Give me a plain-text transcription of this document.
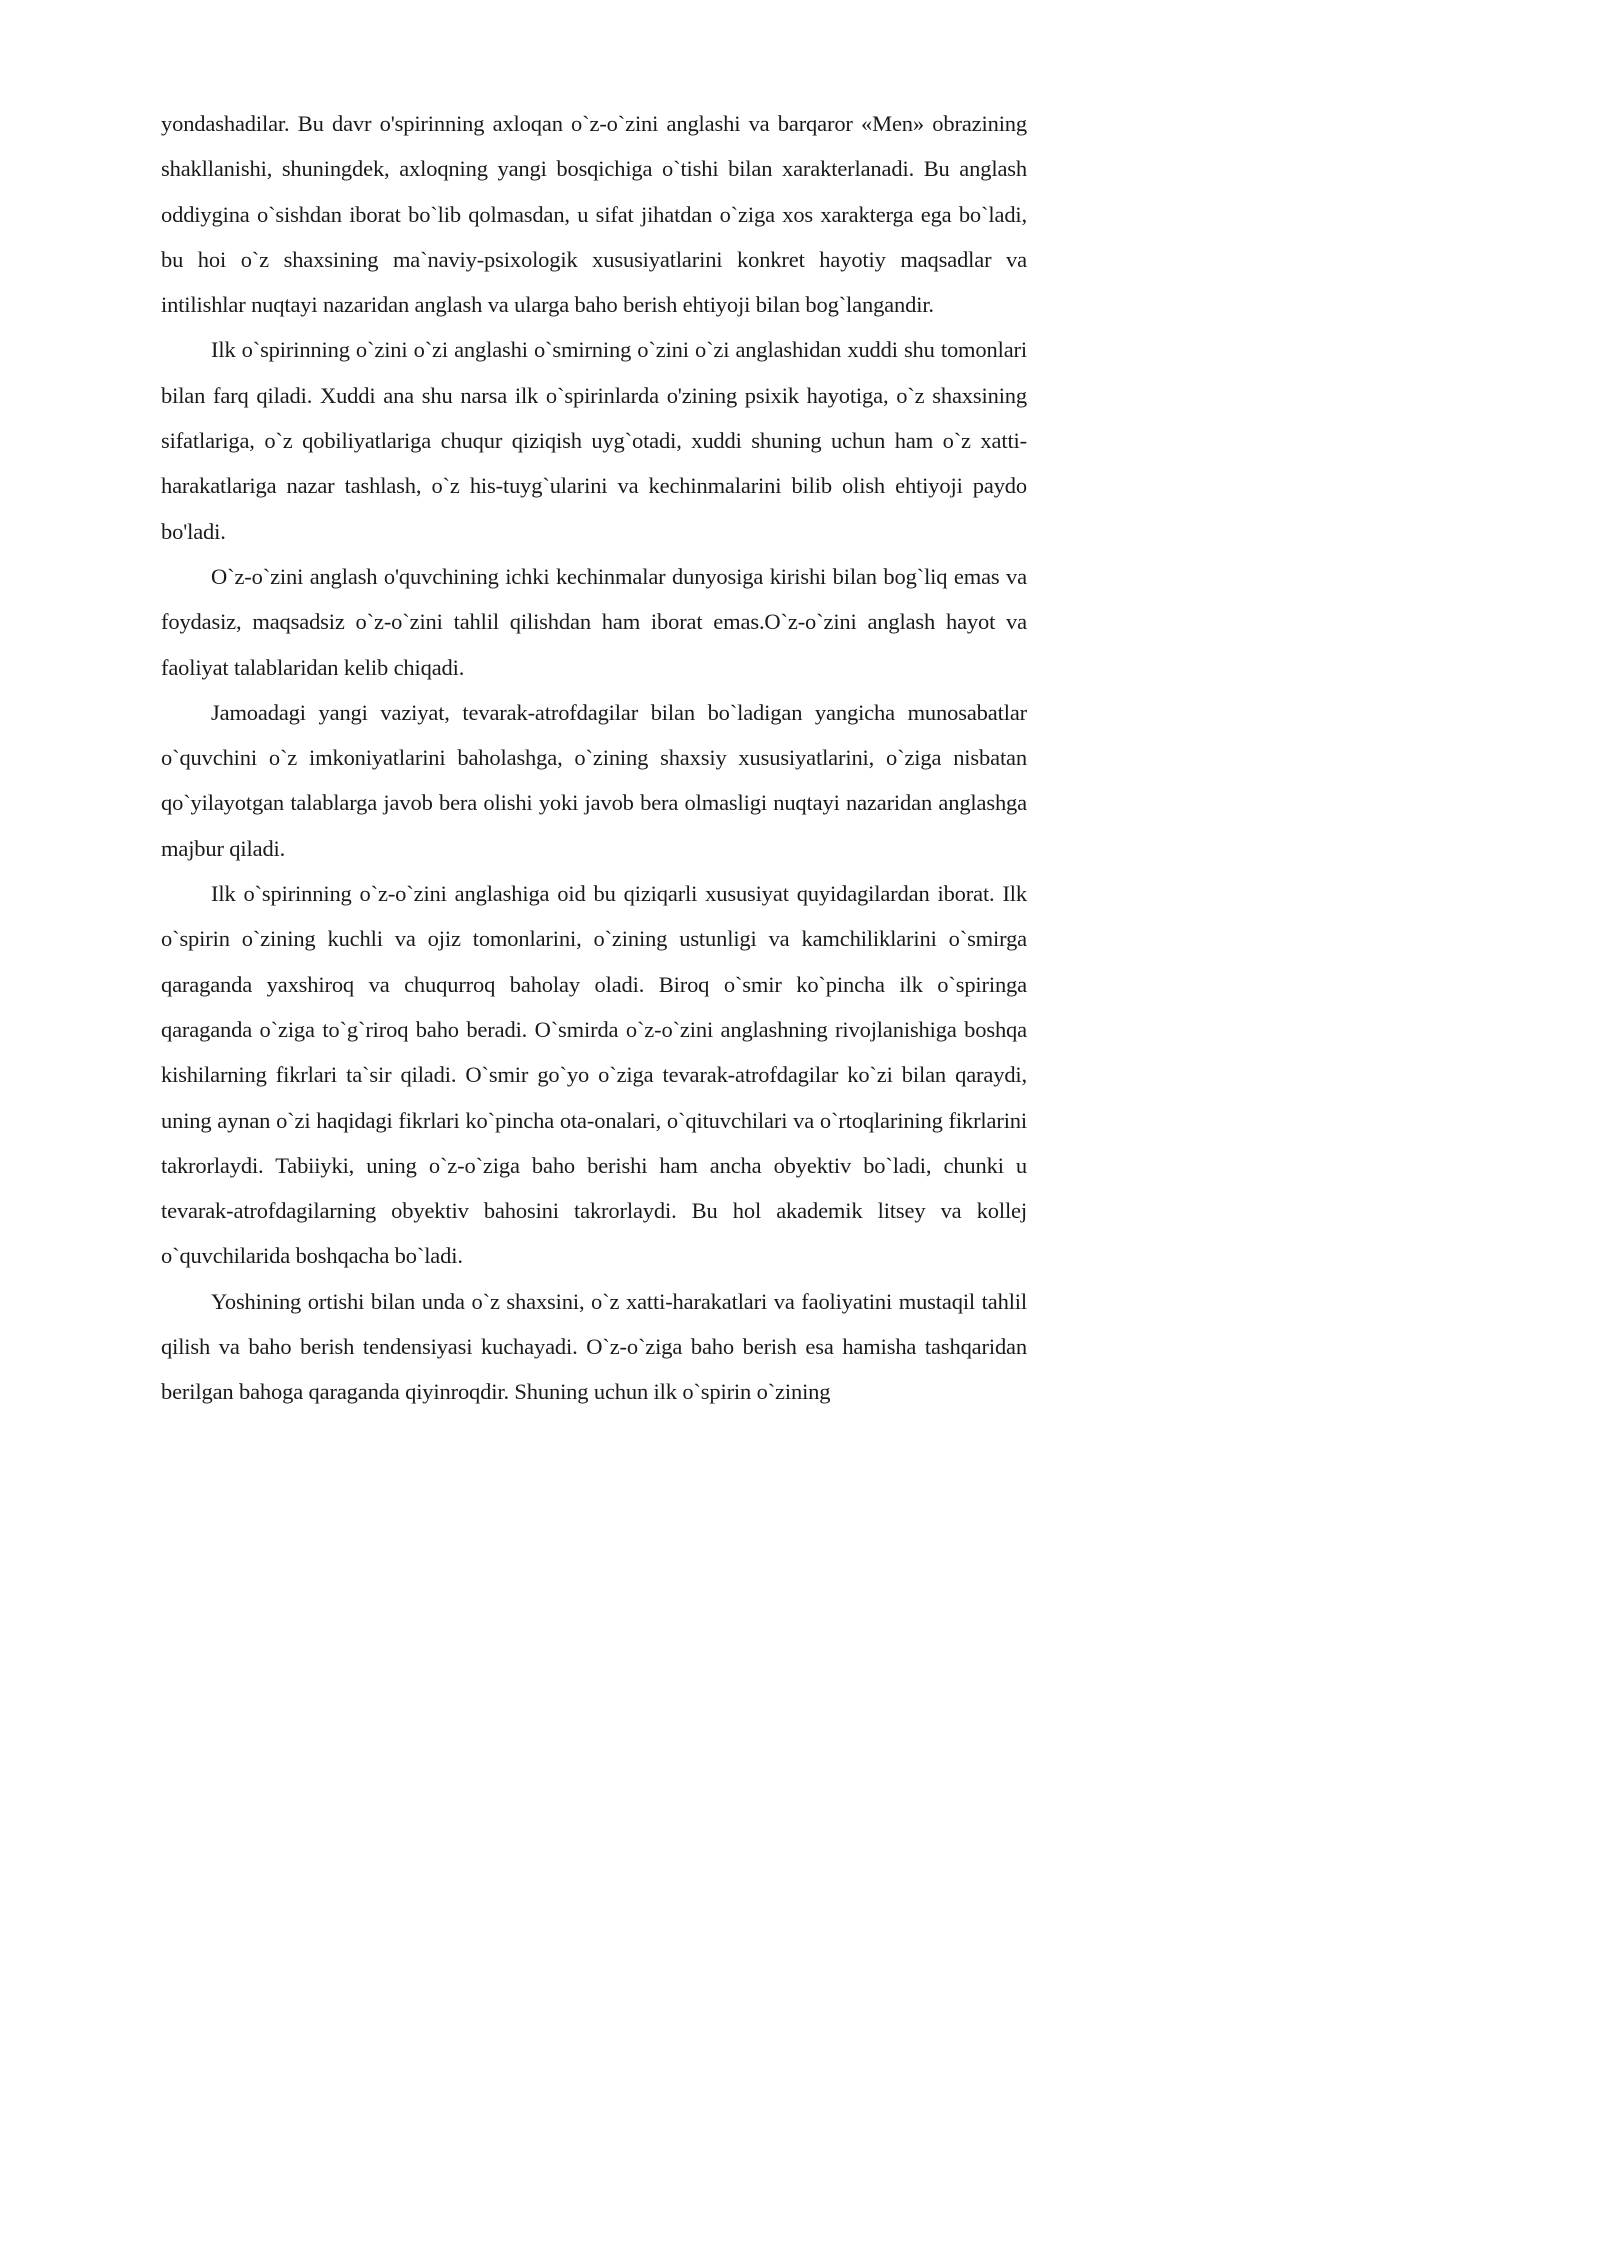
yondashadilar. Bu davr o'spirinning axloqan o`z-o`zini anglashi va barqaror «Men» obrazining shakllanishi, shuningdek, axloqning yangi bosqichiga o`tishi bilan xarakterlanadi. Bu anglash oddiygina o`sishdan iborat bo`lib qolmasdan, u sifat jihatdan o`ziga xos xarakterga ega bo`ladi, bu hoi o`z shaxsining ma`naviy-psixologik xususiyatlarini konkret hayotiy maqsadlar va intilishlar nuqtayi nazaridan anglash va ularga baho berish ehtiyoji bilan bog`langandir.

Ilk o`spirinning o`zini o`zi anglashi o`smirning o`zini o`zi anglashidan xuddi shu tomonlari bilan farq qiladi. Xuddi ana shu narsa ilk o`spirinlarda o'zining psixik hayotiga, o`z shaxsining sifatlariga, o`z qobiliyatlariga chuqur qiziqish uyg`otadi, xuddi shuning uchun ham o`z xatti-harakatlariga nazar tashlash, o`z his-tuyg`ularini va kechinmalarini bilib olish ehtiyoji paydo bo'ladi.

O`z-o`zini anglash o'quvchining ichki kechinmalar dunyosiga kirishi bilan bog`liq emas va foydasiz, maqsadsiz o`z-o`zini tahlil qilishdan ham iborat emas.O`z-o`zini anglash hayot va faoliyat talablaridan kelib chiqadi.

Jamoadagi yangi vaziyat, tevarak-atrofdagilar bilan bo`ladigan yangicha munosabatlar o`quvchini o`z imkoniyatlarini baholashga, o`zining shaxsiy xususiyatlarini, o`ziga nisbatan qo`yilayotgan talablarga javob bera olishi yoki javob bera olmasligi nuqtayi nazaridan anglashga majbur qiladi.

Ilk o`spirinning o`z-o`zini anglashiga oid bu qiziqarli xususiyat quyidagilardan iborat. Ilk o`spirin o`zining kuchli va ojiz tomonlarini, o`zining ustunligi va kamchiliklarini o`smirga qaraganda yaxshiroq va chuqurroq baholay oladi. Biroq o`smir ko`pincha ilk o`spiringa qaraganda o`ziga to`g`riroq baho beradi. O`smirda o`z-o`zini anglashning rivojlanishiga boshqa kishilarning fikrlari ta`sir qiladi. O`smir go`yo o`ziga tevarak-atrofdagilar ko`zi bilan qaraydi, uning aynan o`zi haqidagi fikrlari ko`pincha ota-onalari, o`qituvchilari va o`rtoqlarining fikrlarini takrorlaydi. Tabiiyki, uning o`z-o`ziga baho berishi ham ancha obyektiv bo`ladi, chunki u tevarak-atrofdagilarning obyektiv bahosini takrorlaydi. Bu hol akademik litsey va kollej o`quvchilarida boshqacha bo`ladi.

Yoshining ortishi bilan unda o`z shaxsini, o`z xatti-harakatlari va faoliyatini mustaqil tahlil qilish va baho berish tendensiyasi kuchayadi. O`z-o`ziga baho berish esa hamisha tashqaridan berilgan bahoga qaraganda qiyinroqdir. Shuning uchun ilk o`spirin o`zining
